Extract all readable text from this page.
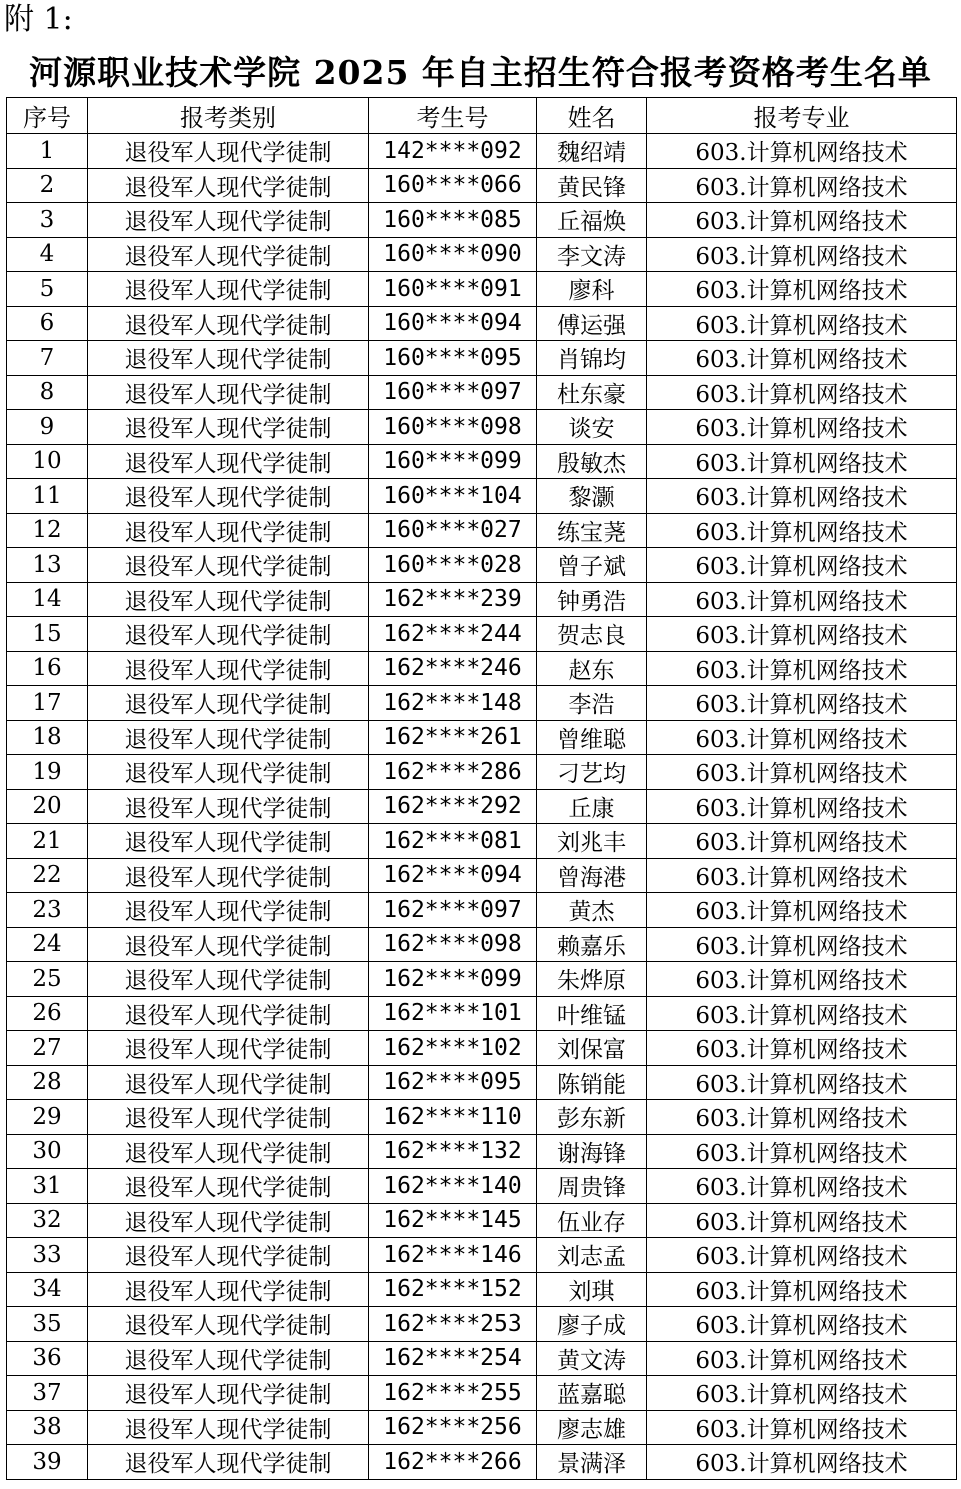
附 1:
河源职业技术学院 2025 年自主招生符合报考资格考生名单
序号	报考类别	考生号	姓名	报考专业
1	退役军人现代学徒制	142****092	魏绍靖	603.计算机网络技术
2	退役军人现代学徒制	160****066	黄民锋	603.计算机网络技术
3	退役军人现代学徒制	160****085	丘福焕	603.计算机网络技术
4	退役军人现代学徒制	160****090	李文涛	603.计算机网络技术
5	退役军人现代学徒制	160****091	廖科	603.计算机网络技术
6	退役军人现代学徒制	160****094	傅运强	603.计算机网络技术
7	退役军人现代学徒制	160****095	肖锦均	603.计算机网络技术
8	退役军人现代学徒制	160****097	杜东豪	603.计算机网络技术
9	退役军人现代学徒制	160****098	谈安	603.计算机网络技术
10	退役军人现代学徒制	160****099	殷敏杰	603.计算机网络技术
11	退役军人现代学徒制	160****104	黎灏	603.计算机网络技术
12	退役军人现代学徒制	160****027	练宝荛	603.计算机网络技术
13	退役军人现代学徒制	160****028	曾子斌	603.计算机网络技术
14	退役军人现代学徒制	162****239	钟勇浩	603.计算机网络技术
15	退役军人现代学徒制	162****244	贺志良	603.计算机网络技术
16	退役军人现代学徒制	162****246	赵东	603.计算机网络技术
17	退役军人现代学徒制	162****148	李浩	603.计算机网络技术
18	退役军人现代学徒制	162****261	曾维聪	603.计算机网络技术
19	退役军人现代学徒制	162****286	刁艺均	603.计算机网络技术
20	退役军人现代学徒制	162****292	丘康	603.计算机网络技术
21	退役军人现代学徒制	162****081	刘兆丰	603.计算机网络技术
22	退役军人现代学徒制	162****094	曾海港	603.计算机网络技术
23	退役军人现代学徒制	162****097	黄杰	603.计算机网络技术
24	退役军人现代学徒制	162****098	赖嘉乐	603.计算机网络技术
25	退役军人现代学徒制	162****099	朱烨原	603.计算机网络技术
26	退役军人现代学徒制	162****101	叶维锰	603.计算机网络技术
27	退役军人现代学徒制	162****102	刘保富	603.计算机网络技术
28	退役军人现代学徒制	162****095	陈销能	603.计算机网络技术
29	退役军人现代学徒制	162****110	彭东新	603.计算机网络技术
30	退役军人现代学徒制	162****132	谢海锋	603.计算机网络技术
31	退役军人现代学徒制	162****140	周贵锋	603.计算机网络技术
32	退役军人现代学徒制	162****145	伍业存	603.计算机网络技术
33	退役军人现代学徒制	162****146	刘志孟	603.计算机网络技术
34	退役军人现代学徒制	162****152	刘琪	603.计算机网络技术
35	退役军人现代学徒制	162****253	廖子成	603.计算机网络技术
36	退役军人现代学徒制	162****254	黄文涛	603.计算机网络技术
37	退役军人现代学徒制	162****255	蓝嘉聪	603.计算机网络技术
38	退役军人现代学徒制	162****256	廖志雄	603.计算机网络技术
39	退役军人现代学徒制	162****266	景满泽	603.计算机网络技术
